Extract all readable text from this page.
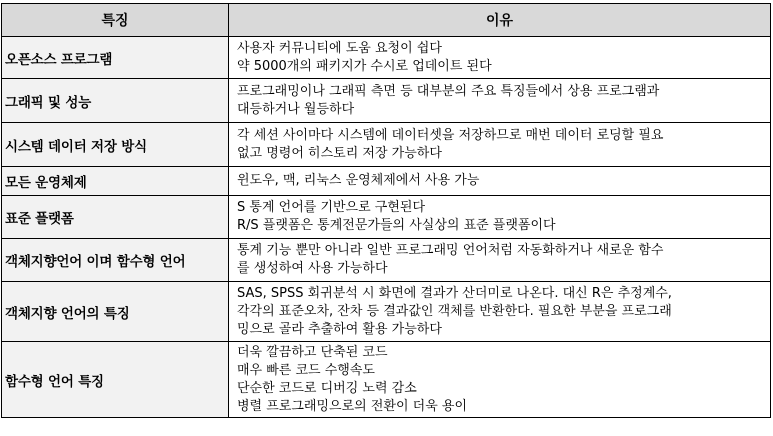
특징	이유
오픈소스 프로그램	사용자 커뮤니티에 도움 요청이 쉽다
약 5000개의 패키지가 수시로 업데이트 된다

그래픽 및 성능	프로그래밍이나 그래픽 측면 등 대부분의 주요 특징들에서 상용 프로그램과
대등하거나 월등하다

시스템 데이터 저장 방식	각 세션 사이마다 시스템에 데이터셋을 저장하므로 매번 데이터 로딩할 필요
없고 명령어 히스토리 저장 가능하다

모든 운영체제	윈도우, 맥, 리눅스 운영체제에서 사용 가능

표준 플랫폼	S 통계 언어를 기반으로 구현된다
R/S 플랫폼은 통계전문가들의 사실상의 표준 플랫폼이다

객체지향언어 이며 함수형 언어	통계 기능 뿐만 아니라 일반 프로그래밍 언어처럼 자동화하거나 새로운 함수
를 생성하여 사용 가능하다

객체지향 언어의 특징	SAS, SPSS 회귀분석 시 화면에 결과가 산더미로 나온다. 대신 R은 추정계수,
각각의 표준오차, 잔차 등 결과값인 객체를 반환한다. 필요한 부분을 프로그래
밍으로 골라 추출하여 활용 가능하다

함수형 언어 특징	더욱 깔끔하고 단축된 코드
매우 빠른 코드 수행속도
단순한 코드로 디버깅 노력 감소
병렬 프로그래밍으로의 전환이 더욱 용이
